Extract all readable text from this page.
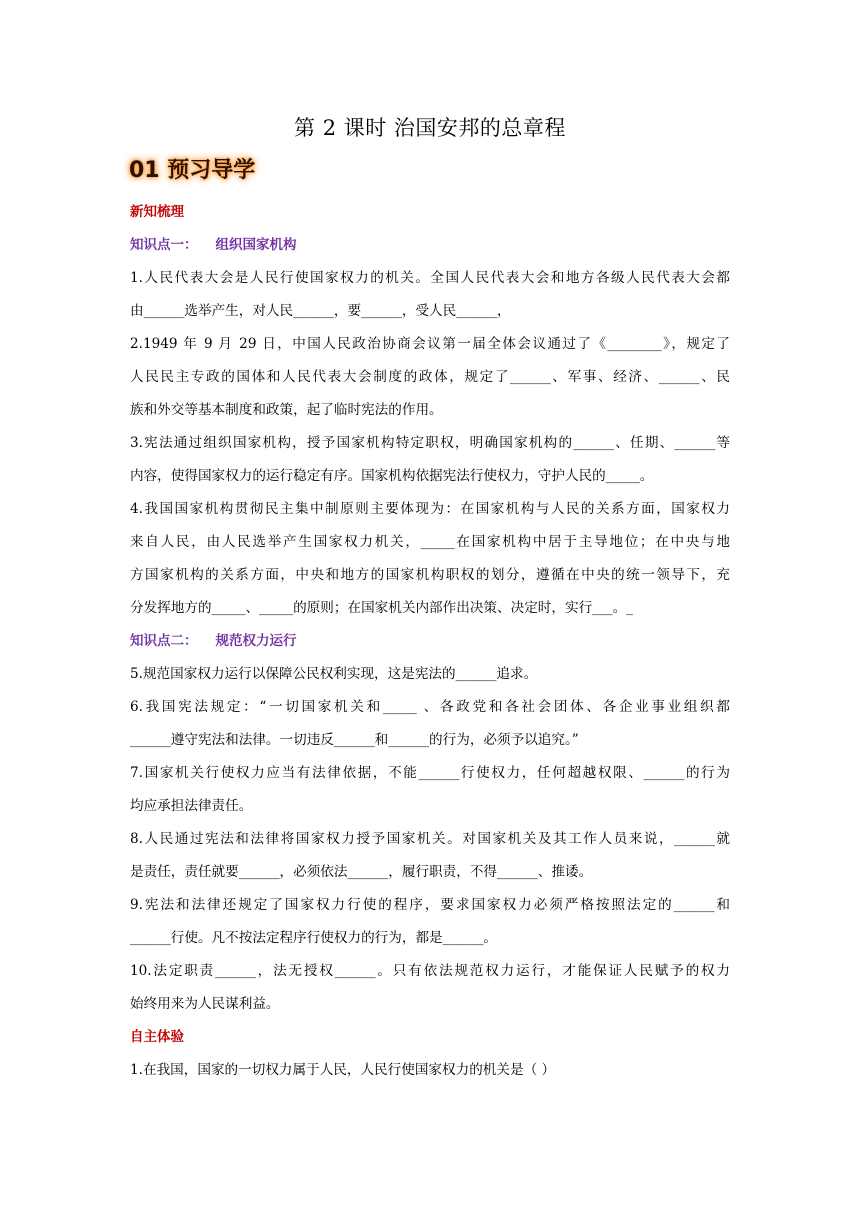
第 2 课时 治国安邦的总章程
01 预习导学
新知梳理
知识点一： 组织国家机构
1.人民代表大会是人民行使国家权力的机关。全国人民代表大会和地方各级人民代表大会都
由______选举产生，对人民______，要______，受人民______，
2.1949 年 9 月 29 日，中国人民政治协商会议第一届全体会议通过了《________》，规定了
人民民主专政的国体和人民代表大会制度的政体，规定了______、军事、经济、______、民
族和外交等基本制度和政策，起了临时宪法的作用。
3.宪法通过组织国家机构，授予国家机构特定职权，明确国家机构的______、任期、______等
内容，使得国家权力的运行稳定有序。国家机构依据宪法行使权力，守护人民的_____。
4.我国国家机构贯彻民主集中制原则主要体现为：在国家机构与人民的关系方面，国家权力
来自人民，由人民选举产生国家权力机关，_____在国家机构中居于主导地位；在中央与地
方国家机构的关系方面，中央和地方的国家机构职权的划分，遵循在中央的统一领导下，充
分发挥地方的_____、_____的原则；在国家机关内部作出决策、决定时，实行___。_
知识点二： 规范权力运行
5.规范国家权力运行以保障公民权利实现，这是宪法的______追求。
6.我国宪法规定：“一切国家机关和_____ 、各政党和各社会团体、各企业事业组织都
______遵守宪法和法律。一切违反______和______的行为，必须予以追究。”
7.国家机关行使权力应当有法律依据，不能______行使权力，任何超越权限、______的行为
均应承担法律责任。
8.人民通过宪法和法律将国家权力授予国家机关。对国家机关及其工作人员来说，______就
是责任，责任就要______，必须依法______，履行职责，不得______、推诿。
9.宪法和法律还规定了国家权力行使的程序，要求国家权力必须严格按照法定的______和
______行使。凡不按法定程序行使权力的行为，都是______。
10.法定职责______，法无授权______。只有依法规范权力运行，才能保证人民赋予的权力
始终用来为人民谋利益。
自主体验
1.在我国，国家的一切权力属于人民，人民行使国家权力的机关是（ ）
